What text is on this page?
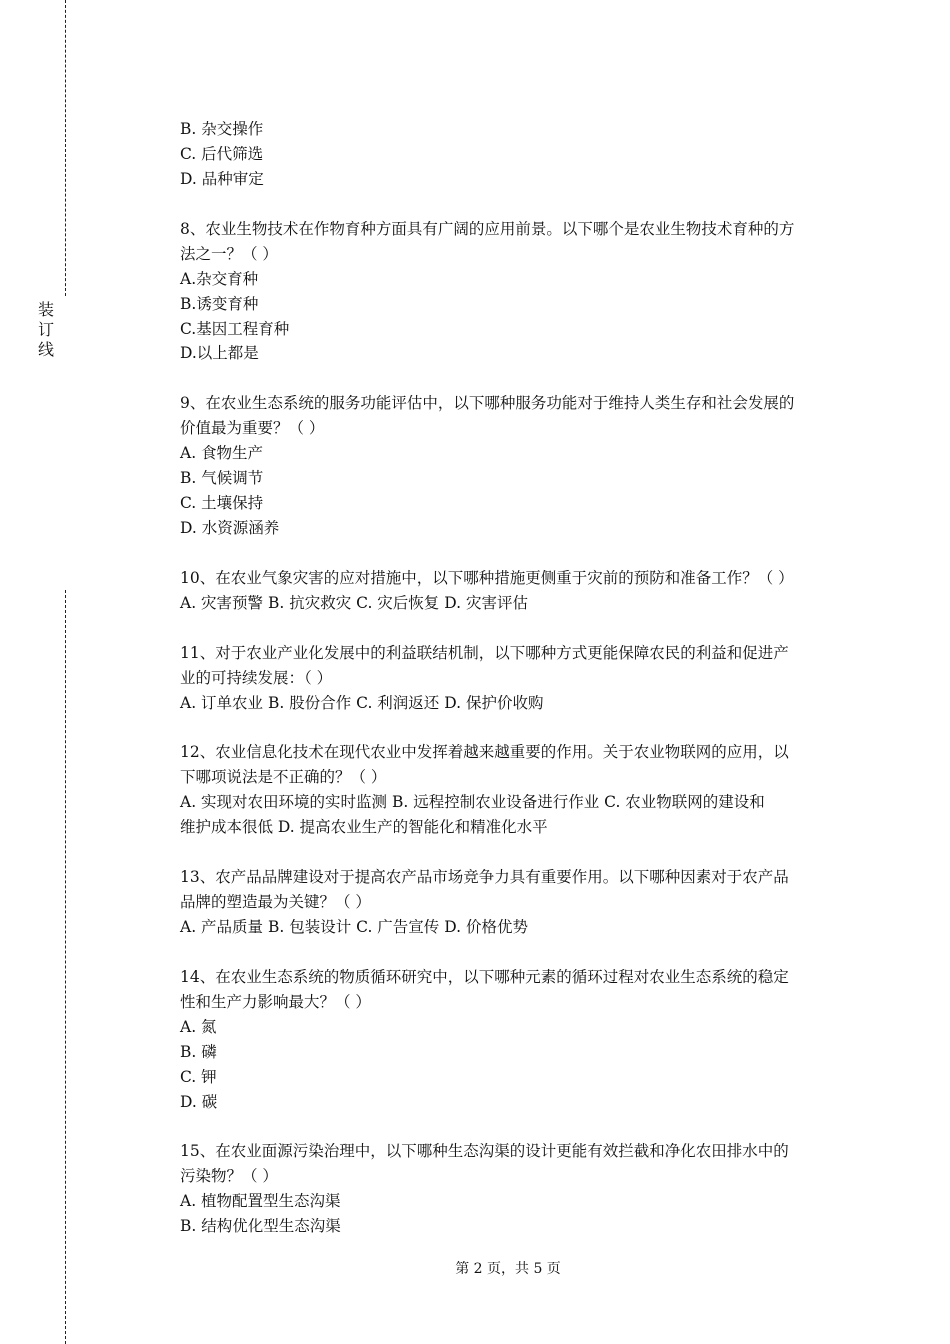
装订线
B. 杂交操作
C. 后代筛选
D. 品种审定
8、农业生物技术在作物育种方面具有广阔的应用前景。以下哪个是农业生物技术育种的方
法之一？（ ）
A.杂交育种
B.诱变育种
C.基因工程育种
D.以上都是
9、在农业生态系统的服务功能评估中，以下哪种服务功能对于维持人类生存和社会发展的
价值最为重要？（ ）
A. 食物生产
B. 气候调节
C. 土壤保持
D. 水资源涵养
10、在农业气象灾害的应对措施中，以下哪种措施更侧重于灾前的预防和准备工作？（ ）
A. 灾害预警 B. 抗灾救灾 C. 灾后恢复 D. 灾害评估
11、对于农业产业化发展中的利益联结机制，以下哪种方式更能保障农民的利益和促进产
业的可持续发展：（ ）
A. 订单农业 B. 股份合作 C. 利润返还 D. 保护价收购
12、农业信息化技术在现代农业中发挥着越来越重要的作用。关于农业物联网的应用，以
下哪项说法是不正确的？（ ）
A. 实现对农田环境的实时监测 B. 远程控制农业设备进行作业 C. 农业物联网的建设和
维护成本很低 D. 提高农业生产的智能化和精准化水平
13、农产品品牌建设对于提高农产品市场竞争力具有重要作用。以下哪种因素对于农产品
品牌的塑造最为关键？（ ）
A. 产品质量 B. 包装设计 C. 广告宣传 D. 价格优势
14、在农业生态系统的物质循环研究中，以下哪种元素的循环过程对农业生态系统的稳定
性和生产力影响最大？（ ）
A. 氮
B. 磷
C. 钾
D. 碳
15、在农业面源污染治理中，以下哪种生态沟渠的设计更能有效拦截和净化农田排水中的
污染物？（ ）
A. 植物配置型生态沟渠
B. 结构优化型生态沟渠
第 2 页，共 5 页
